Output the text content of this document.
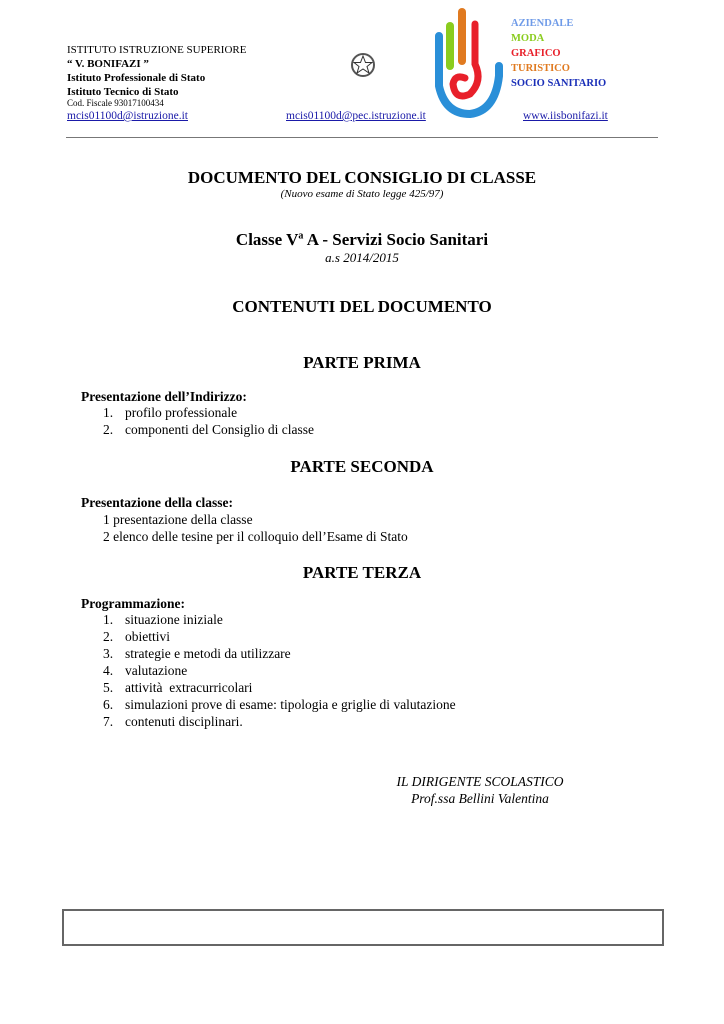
ISTITUTO ISTRUZIONE SUPERIORE
“ V. BONIFAZI ”
Istituto Professionale di Stato
Istituto Tecnico di Stato
Cod. Fiscale 93017100434
mcis01100d@istruzione.it	mcis01100d@pec.istruzione.it	www.iisbonifazi.it
AZIENDALE
MODA
GRAFICO
TURISTICO
SOCIO SANITARIO
DOCUMENTO DEL CONSIGLIO DI CLASSE
(Nuovo esame di Stato legge 425/97)
Classe $V^a$ A - Servizi Socio Sanitari
a.s 2014/2015
CONTENUTI DEL DOCUMENTO
PARTE PRIMA
Presentazione dell’Indirizzo:
1. profilo professionale
2. componenti del Consiglio di classe
PARTE SECONDA
Presentazione della classe:
1 presentazione della classe
2 elenco delle tesine per il colloquio dell’Esame di Stato
PARTE TERZA
Programmazione:
1. situazione iniziale
2. obiettivi
3. strategie e metodi da utilizzare
4. valutazione
5. attività  extracurricolari
6. simulazioni prove di esame: tipologia e griglie di valutazione
7. contenuti disciplinari.
IL DIRIGENTE SCOLASTICO
Prof.ssa Bellini Valentina
